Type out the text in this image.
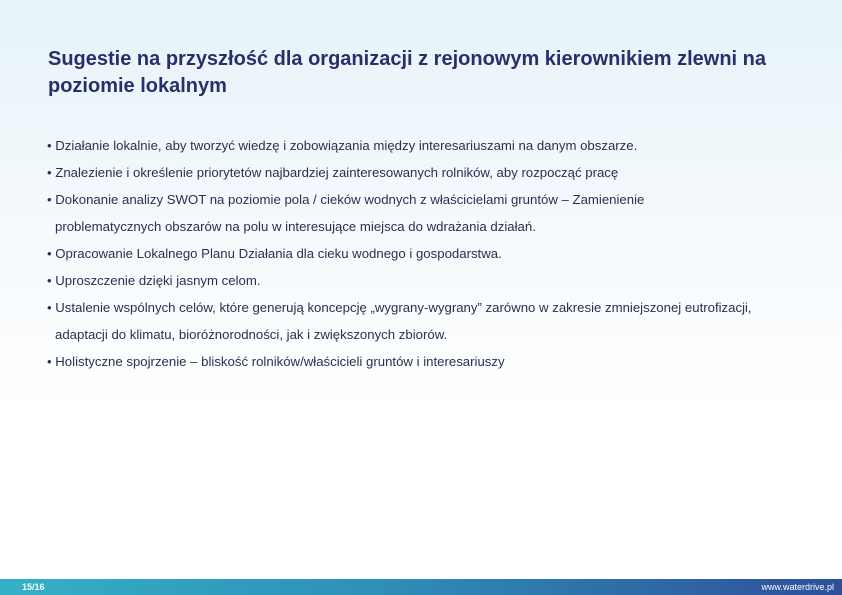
Sugestie na przyszłość dla organizacji z rejonowym kierownikiem zlewni na poziomie lokalnym
• Działanie lokalnie, aby tworzyć wiedzę i zobowiązania między interesariuszami na danym obszarze.
• Znalezienie i określenie priorytetów najbardziej zainteresowanych rolników, aby rozpocząć pracę
• Dokonanie analizy SWOT na poziomie pola / cieków wodnych z właścicielami gruntów – Zamienienie
problematycznych obszarów na polu w interesujące miejsca do wdrażania działań.
• Opracowanie Lokalnego Planu Działania dla cieku wodnego i gospodarstwa.
• Uproszczenie dzięki jasnym celom.
• Ustalenie wspólnych celów, które generują koncepcję „wygrany-wygrany” zarówno w zakresie zmniejszonej eutrofizacji,
adaptacji do klimatu, bioróżnorodności, jak i zwiększonych zbiorów.
• Holistyczne spojrzenie – bliskość rolników/właścicieli gruntów i interesariuszy
15/16	www.waterdrive.pl
